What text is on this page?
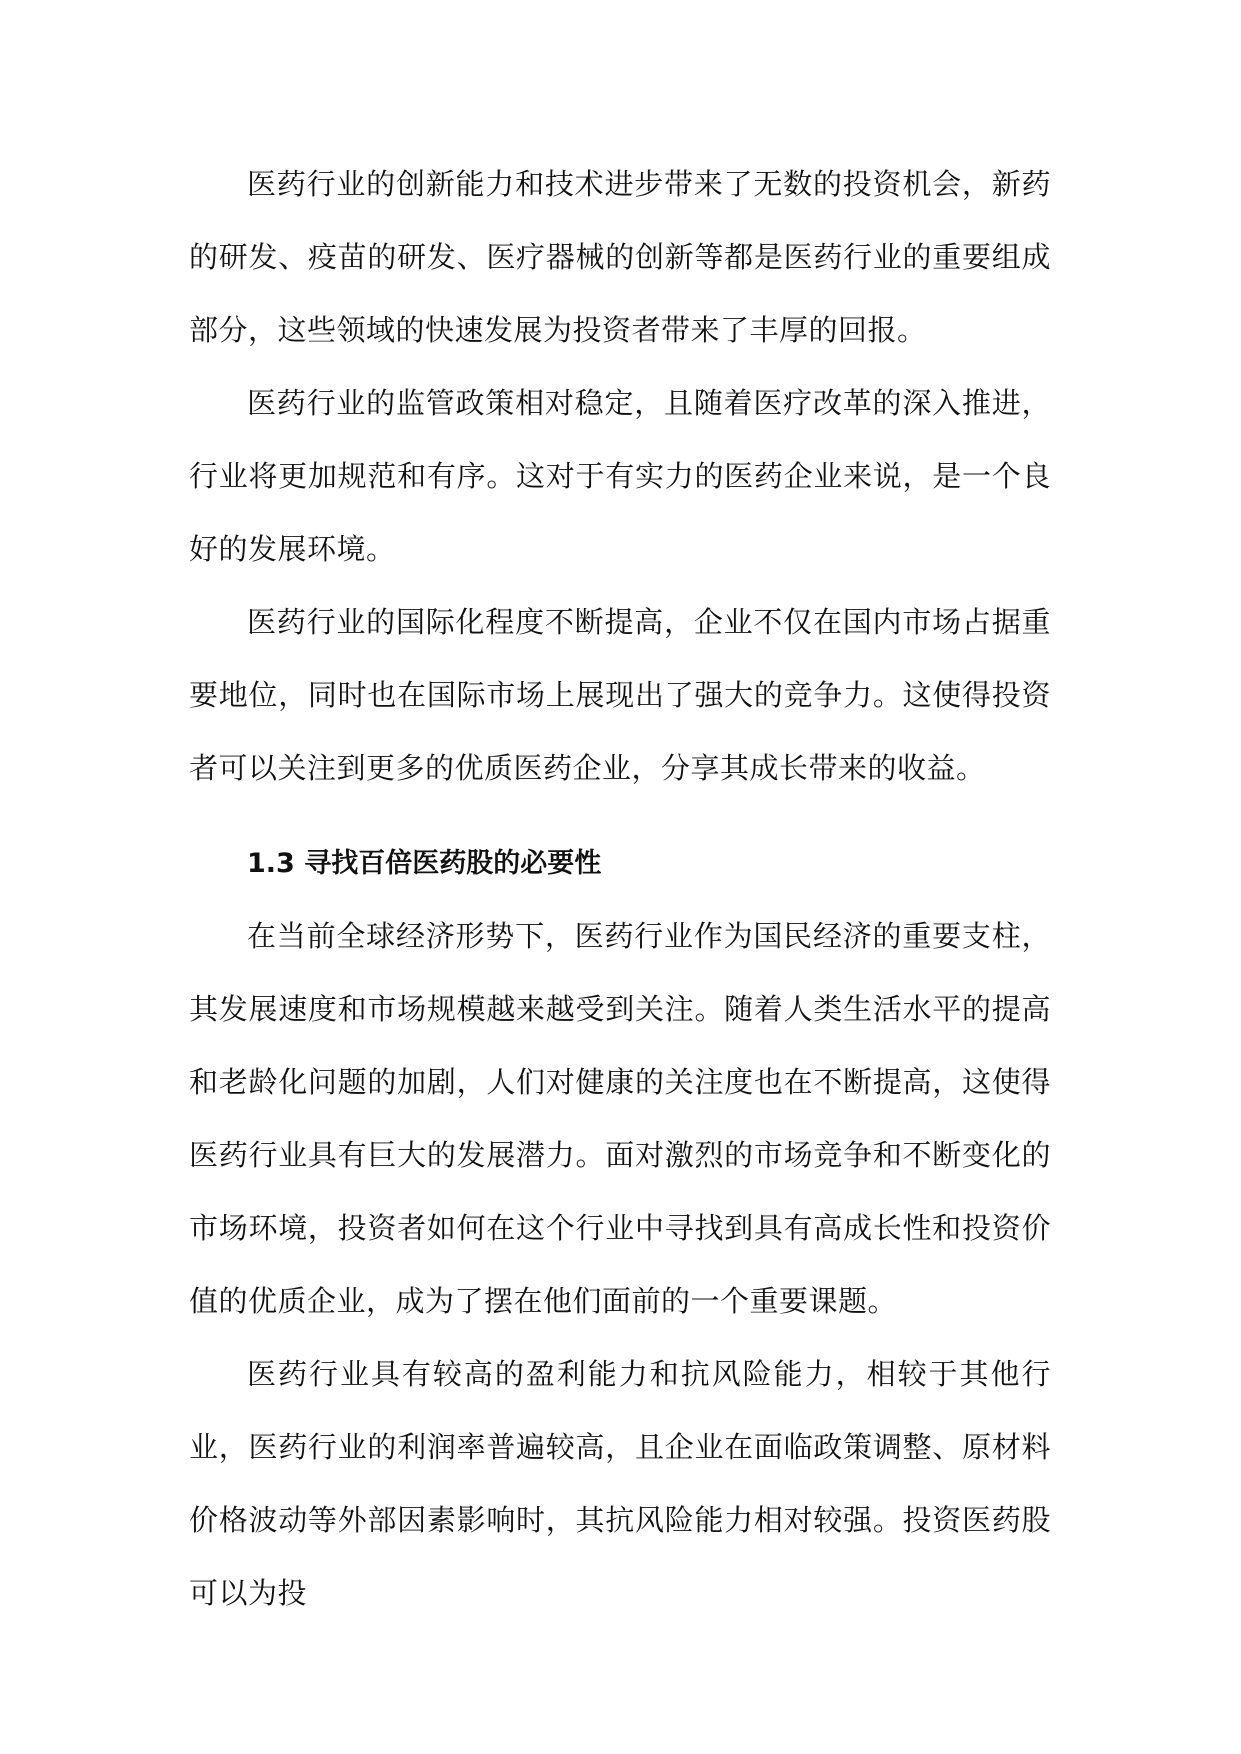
医药行业的创新能力和技术进步带来了无数的投资机会，新药的研发、疫苗的研发、医疗器械的创新等都是医药行业的重要组成部分，这些领域的快速发展为投资者带来了丰厚的回报。

医药行业的监管政策相对稳定，且随着医疗改革的深入推进，行业将更加规范和有序。这对于有实力的医药企业来说，是一个良好的发展环境。

医药行业的国际化程度不断提高，企业不仅在国内市场占据重要地位，同时也在国际市场上展现出了强大的竞争力。这使得投资者可以关注到更多的优质医药企业，分享其成长带来的收益。

1.3 寻找百倍医药股的必要性

在当前全球经济形势下，医药行业作为国民经济的重要支柱，其发展速度和市场规模越来越受到关注。随着人类生活水平的提高和老龄化问题的加剧，人们对健康的关注度也在不断提高，这使得医药行业具有巨大的发展潜力。面对激烈的市场竞争和不断变化的市场环境，投资者如何在这个行业中寻找到具有高成长性和投资价值的优质企业，成为了摆在他们面前的一个重要课题。

医药行业具有较高的盈利能力和抗风险能力，相较于其他行业，医药行业的利润率普遍较高，且企业在面临政策调整、原材料价格波动等外部因素影响时，其抗风险能力相对较强。投资医药股可以为投
